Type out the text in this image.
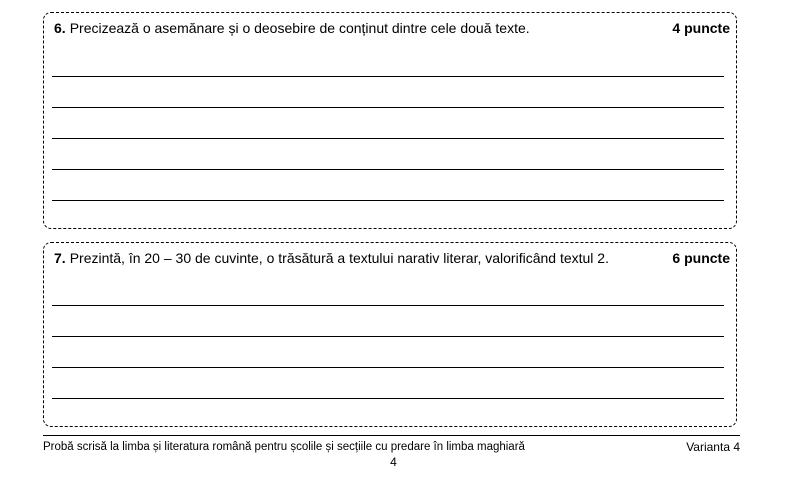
6. Precizează o asemănare și o deosebire de conținut dintre cele două texte.	4 puncte
7. Prezintă, în 20 – 30 de cuvinte, o trăsătură a textului narativ literar, valorificând textul 2.	6 puncte
Probă scrisă la limba și literatura română pentru școlile și secțiile cu predare în limba maghiară	Varianta 4
4
